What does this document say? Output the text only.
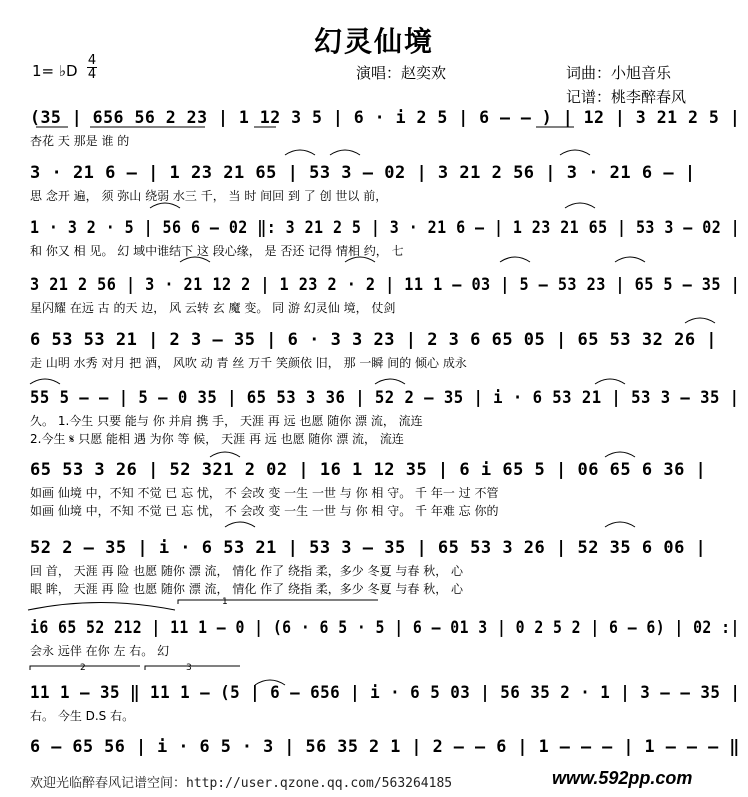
幻灵仙境
1= ♭D
4
4	演唱：赵奕欢	词曲：小旭音乐
记谱：桃李醉春风
(35 | 656 56 2 23 | 1 12 3 5 | 6 · i 2 5 | 6 – – ) | 12 | 3 21 2 5 |
杏花 天 那是 谁 的
3 · 21 6 – | 1 23 21 65 | 53 3 – 02 | 3 21 2 56 | 3 · 21 6 – |
思 念开 遍， 须 弥山 绕弱 水三 千， 当 时 间回 到 了 创 世以 前，
1 · 3 2 · 5 | 56 6 – 02 ‖: 3 21 2 5 | 3 · 21 6 – | 1 23 21 65 | 53 3 – 02 |
和 你又 相 见。 幻 域中谁结下 这 段心缘， 是 否还 记得 情相 约， 七
3 21 2 56 | 3 · 21 12 2 | 1 23 2 · 2 | 11 1 – 03 | 5 – 53 23 | 65 5 – 35 |
星闪耀 在远 古 的天 边， 风 云转 玄 魔 变。 同 游 幻灵仙 境， 仗剑
6 53 53 21 | 2 3 – 35 | 6 · 3 3 23 | 2 3 6 65 05 | 65 53 32 26 |
走 山明 水秀 对月 把 酒， 风吹 动 青 丝 万千 笑颜依 旧， 那 一瞬 间的 倾心 成永
55 5 – – | 5 – 0 35 | 65 53 3 36 | 52 2 – 35 | i · 6 53 21 | 53 3 – 35 |
久。 1.今生 只要 能与 你 并肩 携 手， 天涯 再 远 也愿 随你 漂 流， 流连
2.今生 𝄋 只愿 能相 遇 为你 等 候， 天涯 再 远 也愿 随你 漂 流， 流连
65 53 3 26 | 52 321 2 02 | 16 1 12 35 | 6 i 65 5 | 06 65 6 36 |
如画 仙境 中，不知 不觉 已 忘 忧， 不 会改 变 一生 一世 与 你 相 守。 千 年一 过 不管
如画 仙境 中，不知 不觉 已 忘 忧， 不 会改 变 一生 一世 与 你 相 守。 千 年难 忘 你的
52 2 – 35 | i · 6 53 21 | 53 3 – 35 | 65 53 3 26 | 52 35 6 06 |
回 首， 天涯 再 险 也愿 随你 漂 流， 情化 作了 绕指 柔，多少 冬夏 与春 秋， 心
眼 眸， 天涯 再 险 也愿 随你 漂 流， 情化 作了 绕指 柔，多少 冬夏 与春 秋， 心
i6 65 52 212 | 11 1 – 0 | (6 · 6 5 · 5 | 6 – 01 3 | 0 2 5 2 | 6 – 6) | 02 :|
会永 远伴 在你 左 右。 幻
11 1 – 35 ‖ 11 1 – (5 | 6 – 656 | i · 6 5 03 | 56 35 2 · 1 | 3 – – 35 |
右。 今生 D.S 右。
6 – 65 56 | i · 6 5 · 3 | 56 35 2 1 | 2 – – 6 | 1 – – – | 1 – – – ‖
欢迎光临醉春风记谱空间：http://user.qzone.qq.com/563264185	www.592pp.com
1
2	3
